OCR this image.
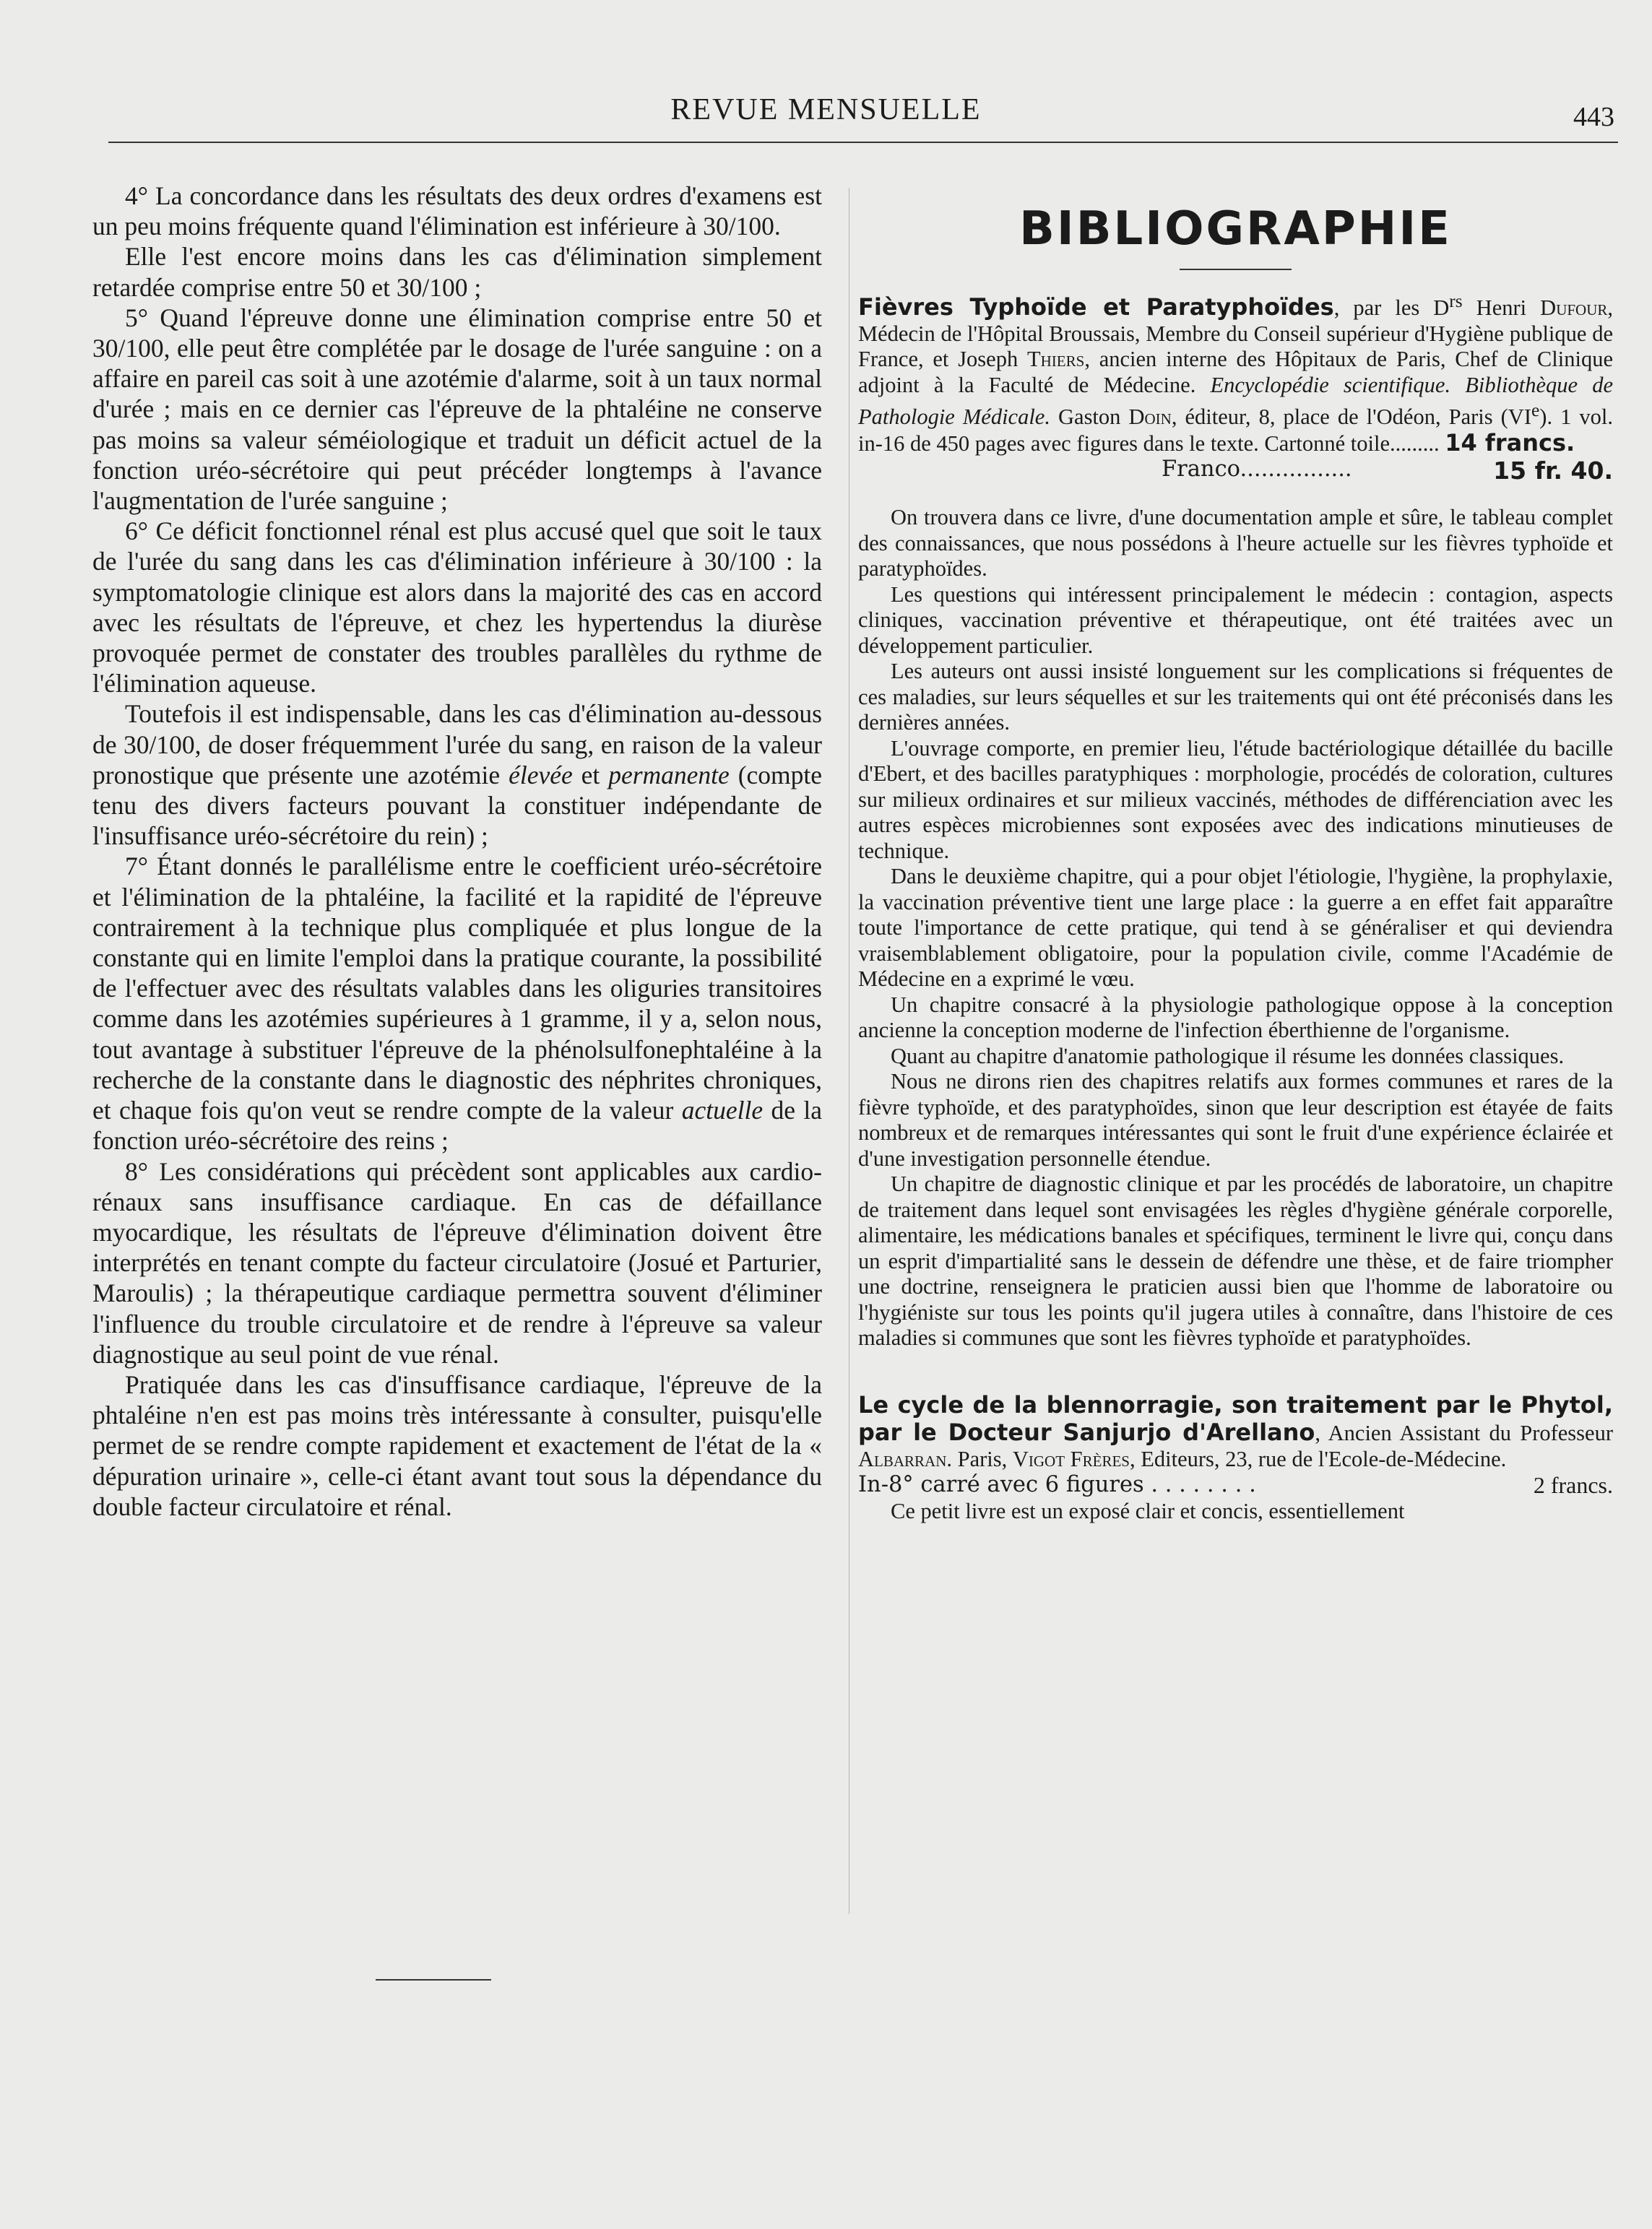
REVUE MENSUELLE	443

4° La concordance dans les résultats des deux ordres d'examens est un peu moins fréquente quand l'élimination est inférieure à 30/100.

Elle l'est encore moins dans les cas d'élimination simplement retardée comprise entre 50 et 30/100 ;

5° Quand l'épreuve donne une élimination comprise entre 50 et 30/100, elle peut être complétée par le dosage de l'urée sanguine : on a affaire en pareil cas soit à une azotémie d'alarme, soit à un taux normal d'urée ; mais en ce dernier cas l'épreuve de la phtaléine ne conserve pas moins sa valeur séméiologique et traduit un déficit actuel de la fonction uréo-sécrétoire qui peut précéder longtemps à l'avance l'augmentation de l'urée sanguine ;

6° Ce déficit fonctionnel rénal est plus accusé quel que soit le taux de l'urée du sang dans les cas d'élimination inférieure à 30/100 : la symptomatologie clinique est alors dans la majorité des cas en accord avec les résultats de l'épreuve, et chez les hypertendus la diurèse provoquée permet de constater des troubles parallèles du rythme de l'élimination aqueuse.

Toutefois il est indispensable, dans les cas d'élimination au-dessous de 30/100, de doser fréquemment l'urée du sang, en raison de la valeur pronostique que présente une azotémie élevée et permanente (compte tenu des divers facteurs pouvant la constituer indépendante de l'insuffisance uréo-sécrétoire du rein) ;

7° Étant donnés le parallélisme entre le coefficient uréo-sécrétoire et l'élimination de la phtaléine, la facilité et la rapidité de l'épreuve contrairement à la technique plus compliquée et plus longue de la constante qui en limite l'emploi dans la pratique courante, la possibilité de l'effectuer avec des résultats valables dans les oliguries transitoires comme dans les azotémies supérieures à 1 gramme, il y a, selon nous, tout avantage à substituer l'épreuve de la phénolsulfonephtaléine à la recherche de la constante dans le diagnostic des néphrites chroniques, et chaque fois qu'on veut se rendre compte de la valeur actuelle de la fonction uréo-sécrétoire des reins ;

8° Les considérations qui précèdent sont applicables aux cardio-rénaux sans insuffisance cardiaque. En cas de défaillance myocardique, les résultats de l'épreuve d'élimination doivent être interprétés en tenant compte du facteur circulatoire (Josué et Parturier, Maroulis) ; la thérapeutique cardiaque permettra souvent d'éliminer l'influence du trouble circulatoire et de rendre à l'épreuve sa valeur diagnostique au seul point de vue rénal.

Pratiquée dans les cas d'insuffisance cardiaque, l'épreuve de la phtaléine n'en est pas moins très intéressante à consulter, puisqu'elle permet de se rendre compte rapidement et exactement de l'état de la « dépuration urinaire », celle-ci étant avant tout sous la dépendance du double facteur circulatoire et rénal.

BIBLIOGRAPHIE

Fièvres Typhoïde et Paratyphoïdes, par les $D^{rs}$ Henri Dufour, Médecin de l'Hôpital Broussais, Membre du Conseil supérieur d'Hygiène publique de France, et Joseph Thiers, ancien interne des Hôpitaux de Paris, Chef de Clinique adjoint à la Faculté de Médecine. Encyclopédie scientifique. Bibliothèque de Pathologie Médicale. Gaston Doin, éditeur, 8, place de l'Odéon, Paris (VIe). 1 vol. in-16 de 450 pages avec figures dans le texte. Cartonné toile......... 14 francs.

Franco................	15 fr. 40.

On trouvera dans ce livre, d'une documentation ample et sûre, le tableau complet des connaissances, que nous possédons à l'heure actuelle sur les fièvres typhoïde et paratyphoïdes.

Les questions qui intéressent principalement le médecin : contagion, aspects cliniques, vaccination préventive et thérapeutique, ont été traitées avec un développement particulier.

Les auteurs ont aussi insisté longuement sur les complications si fréquentes de ces maladies, sur leurs séquelles et sur les traitements qui ont été préconisés dans les dernières années.

L'ouvrage comporte, en premier lieu, l'étude bactériologique détaillée du bacille d'Ebert, et des bacilles paratyphiques : morphologie, procédés de coloration, cultures sur milieux ordinaires et sur milieux vaccinés, méthodes de différenciation avec les autres espèces microbiennes sont exposées avec des indications minutieuses de technique.

Dans le deuxième chapitre, qui a pour objet l'étiologie, l'hygiène, la prophylaxie, la vaccination préventive tient une large place : la guerre a en effet fait apparaître toute l'importance de cette pratique, qui tend à se généraliser et qui deviendra vraisemblablement obligatoire, pour la population civile, comme l'Académie de Médecine en a exprimé le vœu.

Un chapitre consacré à la physiologie pathologique oppose à la conception ancienne la conception moderne de l'infection éberthienne de l'organisme.

Quant au chapitre d'anatomie pathologique il résume les données classiques.

Nous ne dirons rien des chapitres relatifs aux formes communes et rares de la fièvre typhoïde, et des paratyphoïdes, sinon que leur description est étayée de faits nombreux et de remarques intéressantes qui sont le fruit d'une expérience éclairée et d'une investigation personnelle étendue.

Un chapitre de diagnostic clinique et par les procédés de laboratoire, un chapitre de traitement dans lequel sont envisagées les règles d'hygiène générale corporelle, alimentaire, les médications banales et spécifiques, terminent le livre qui, conçu dans un esprit d'impartialité sans le dessein de défendre une thèse, et de faire triompher une doctrine, renseignera le praticien aussi bien que l'homme de laboratoire ou l'hygiéniste sur tous les points qu'il jugera utiles à connaître, dans l'histoire de ces maladies si communes que sont les fièvres typhoïde et paratyphoïdes.

Le cycle de la blennorragie, son traitement par le Phytol, par le Docteur Sanjurjo d'Arellano, Ancien Assistant du Professeur Albarran. Paris, Vigot Frères, Editeurs, 23, rue de l'Ecole-de-Médecine.

In-8° carré avec 6 figures . . . . . . . .	2 francs.

Ce petit livre est un exposé clair et concis, essentiellement
